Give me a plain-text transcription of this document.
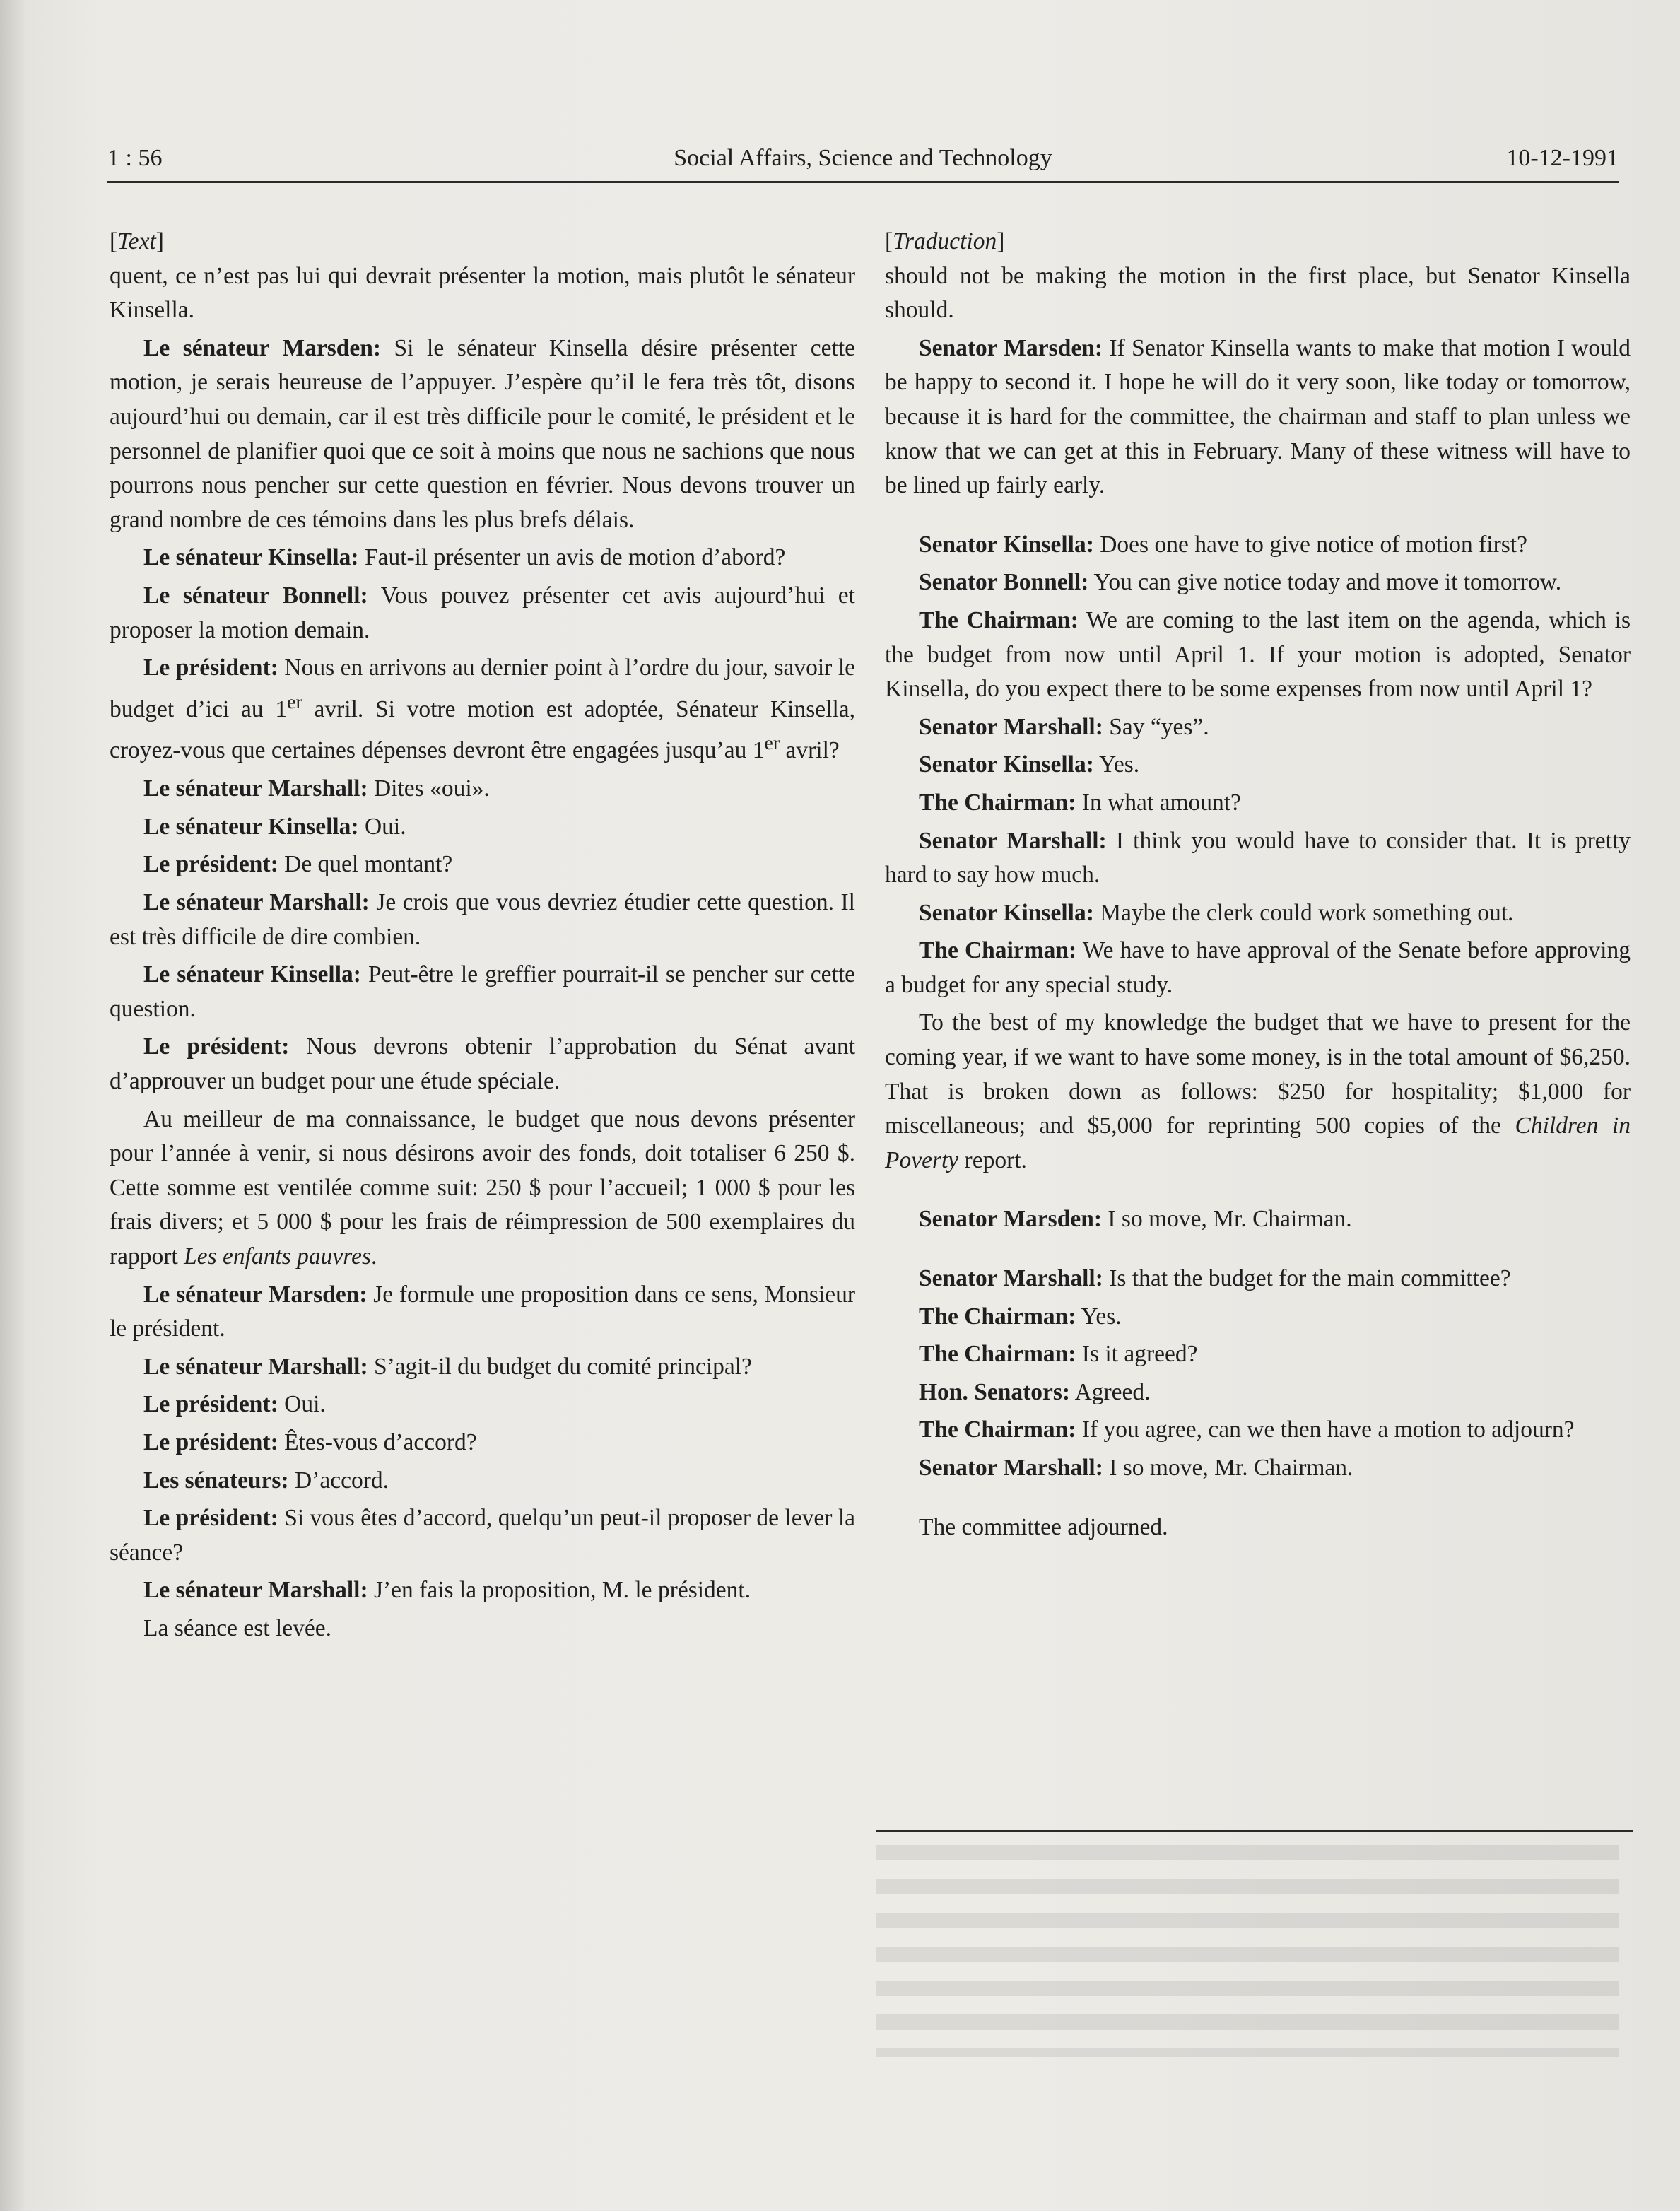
1 : 56	Social Affairs, Science and Technology	10-12-1991
[Text]

quent, ce n’est pas lui qui devrait présenter la motion, mais plutôt le sénateur Kinsella.

Le sénateur Marsden: Si le sénateur Kinsella désire présenter cette motion, je serais heureuse de l’appuyer. J’espère qu’il le fera très tôt, disons aujourd’hui ou demain, car il est très difficile pour le comité, le président et le personnel de planifier quoi que ce soit à moins que nous ne sachions que nous pourrons nous pencher sur cette question en février. Nous devons trouver un grand nombre de ces témoins dans les plus brefs délais.

Le sénateur Kinsella: Faut-il présenter un avis de motion d’abord?

Le sénateur Bonnell: Vous pouvez présenter cet avis aujourd’hui et proposer la motion demain.

Le président: Nous en arrivons au dernier point à l’ordre du jour, savoir le budget d’ici au 1er avril. Si votre motion est adoptée, Sénateur Kinsella, croyez-vous que certaines dépenses devront être engagées jusqu’au 1er avril?

Le sénateur Marshall: Dites «oui».

Le sénateur Kinsella: Oui.

Le président: De quel montant?

Le sénateur Marshall: Je crois que vous devriez étudier cette question. Il est très difficile de dire combien.

Le sénateur Kinsella: Peut-être le greffier pourrait-il se pencher sur cette question.

Le président: Nous devrons obtenir l’approbation du Sénat avant d’approuver un budget pour une étude spéciale.

Au meilleur de ma connaissance, le budget que nous devons présenter pour l’année à venir, si nous désirons avoir des fonds, doit totaliser 6 250 $. Cette somme est ventilée comme suit: 250 $ pour l’accueil; 1 000 $ pour les frais divers; et 5 000 $ pour les frais de réimpression de 500 exemplaires du rapport Les enfants pauvres.

Le sénateur Marsden: Je formule une proposition dans ce sens, Monsieur le président.

Le sénateur Marshall: S’agit-il du budget du comité principal?

Le président: Oui.

Le président: Êtes-vous d’accord?

Les sénateurs: D’accord.

Le président: Si vous êtes d’accord, quelqu’un peut-il proposer de lever la séance?

Le sénateur Marshall: J’en fais la proposition, M. le président.

La séance est levée.

[Traduction]

should not be making the motion in the first place, but Senator Kinsella should.

Senator Marsden: If Senator Kinsella wants to make that motion I would be happy to second it. I hope he will do it very soon, like today or tomorrow, because it is hard for the committee, the chairman and staff to plan unless we know that we can get at this in February. Many of these witness will have to be lined up fairly early.

Senator Kinsella: Does one have to give notice of motion first?

Senator Bonnell: You can give notice today and move it tomorrow.

The Chairman: We are coming to the last item on the agenda, which is the budget from now until April 1. If your motion is adopted, Senator Kinsella, do you expect there to be some expenses from now until April 1?

Senator Marshall: Say “yes”.

Senator Kinsella: Yes.

The Chairman: In what amount?

Senator Marshall: I think you would have to consider that. It is pretty hard to say how much.

Senator Kinsella: Maybe the clerk could work something out.

The Chairman: We have to have approval of the Senate before approving a budget for any special study.

To the best of my knowledge the budget that we have to present for the coming year, if we want to have some money, is in the total amount of $6,250. That is broken down as follows: $250 for hospitality; $1,000 for miscellaneous; and $5,000 for reprinting 500 copies of the Children in Poverty report.

Senator Marsden: I so move, Mr. Chairman.

Senator Marshall: Is that the budget for the main committee?

The Chairman: Yes.

The Chairman: Is it agreed?

Hon. Senators: Agreed.

The Chairman: If you agree, can we then have a motion to adjourn?

Senator Marshall: I so move, Mr. Chairman.

The committee adjourned.
